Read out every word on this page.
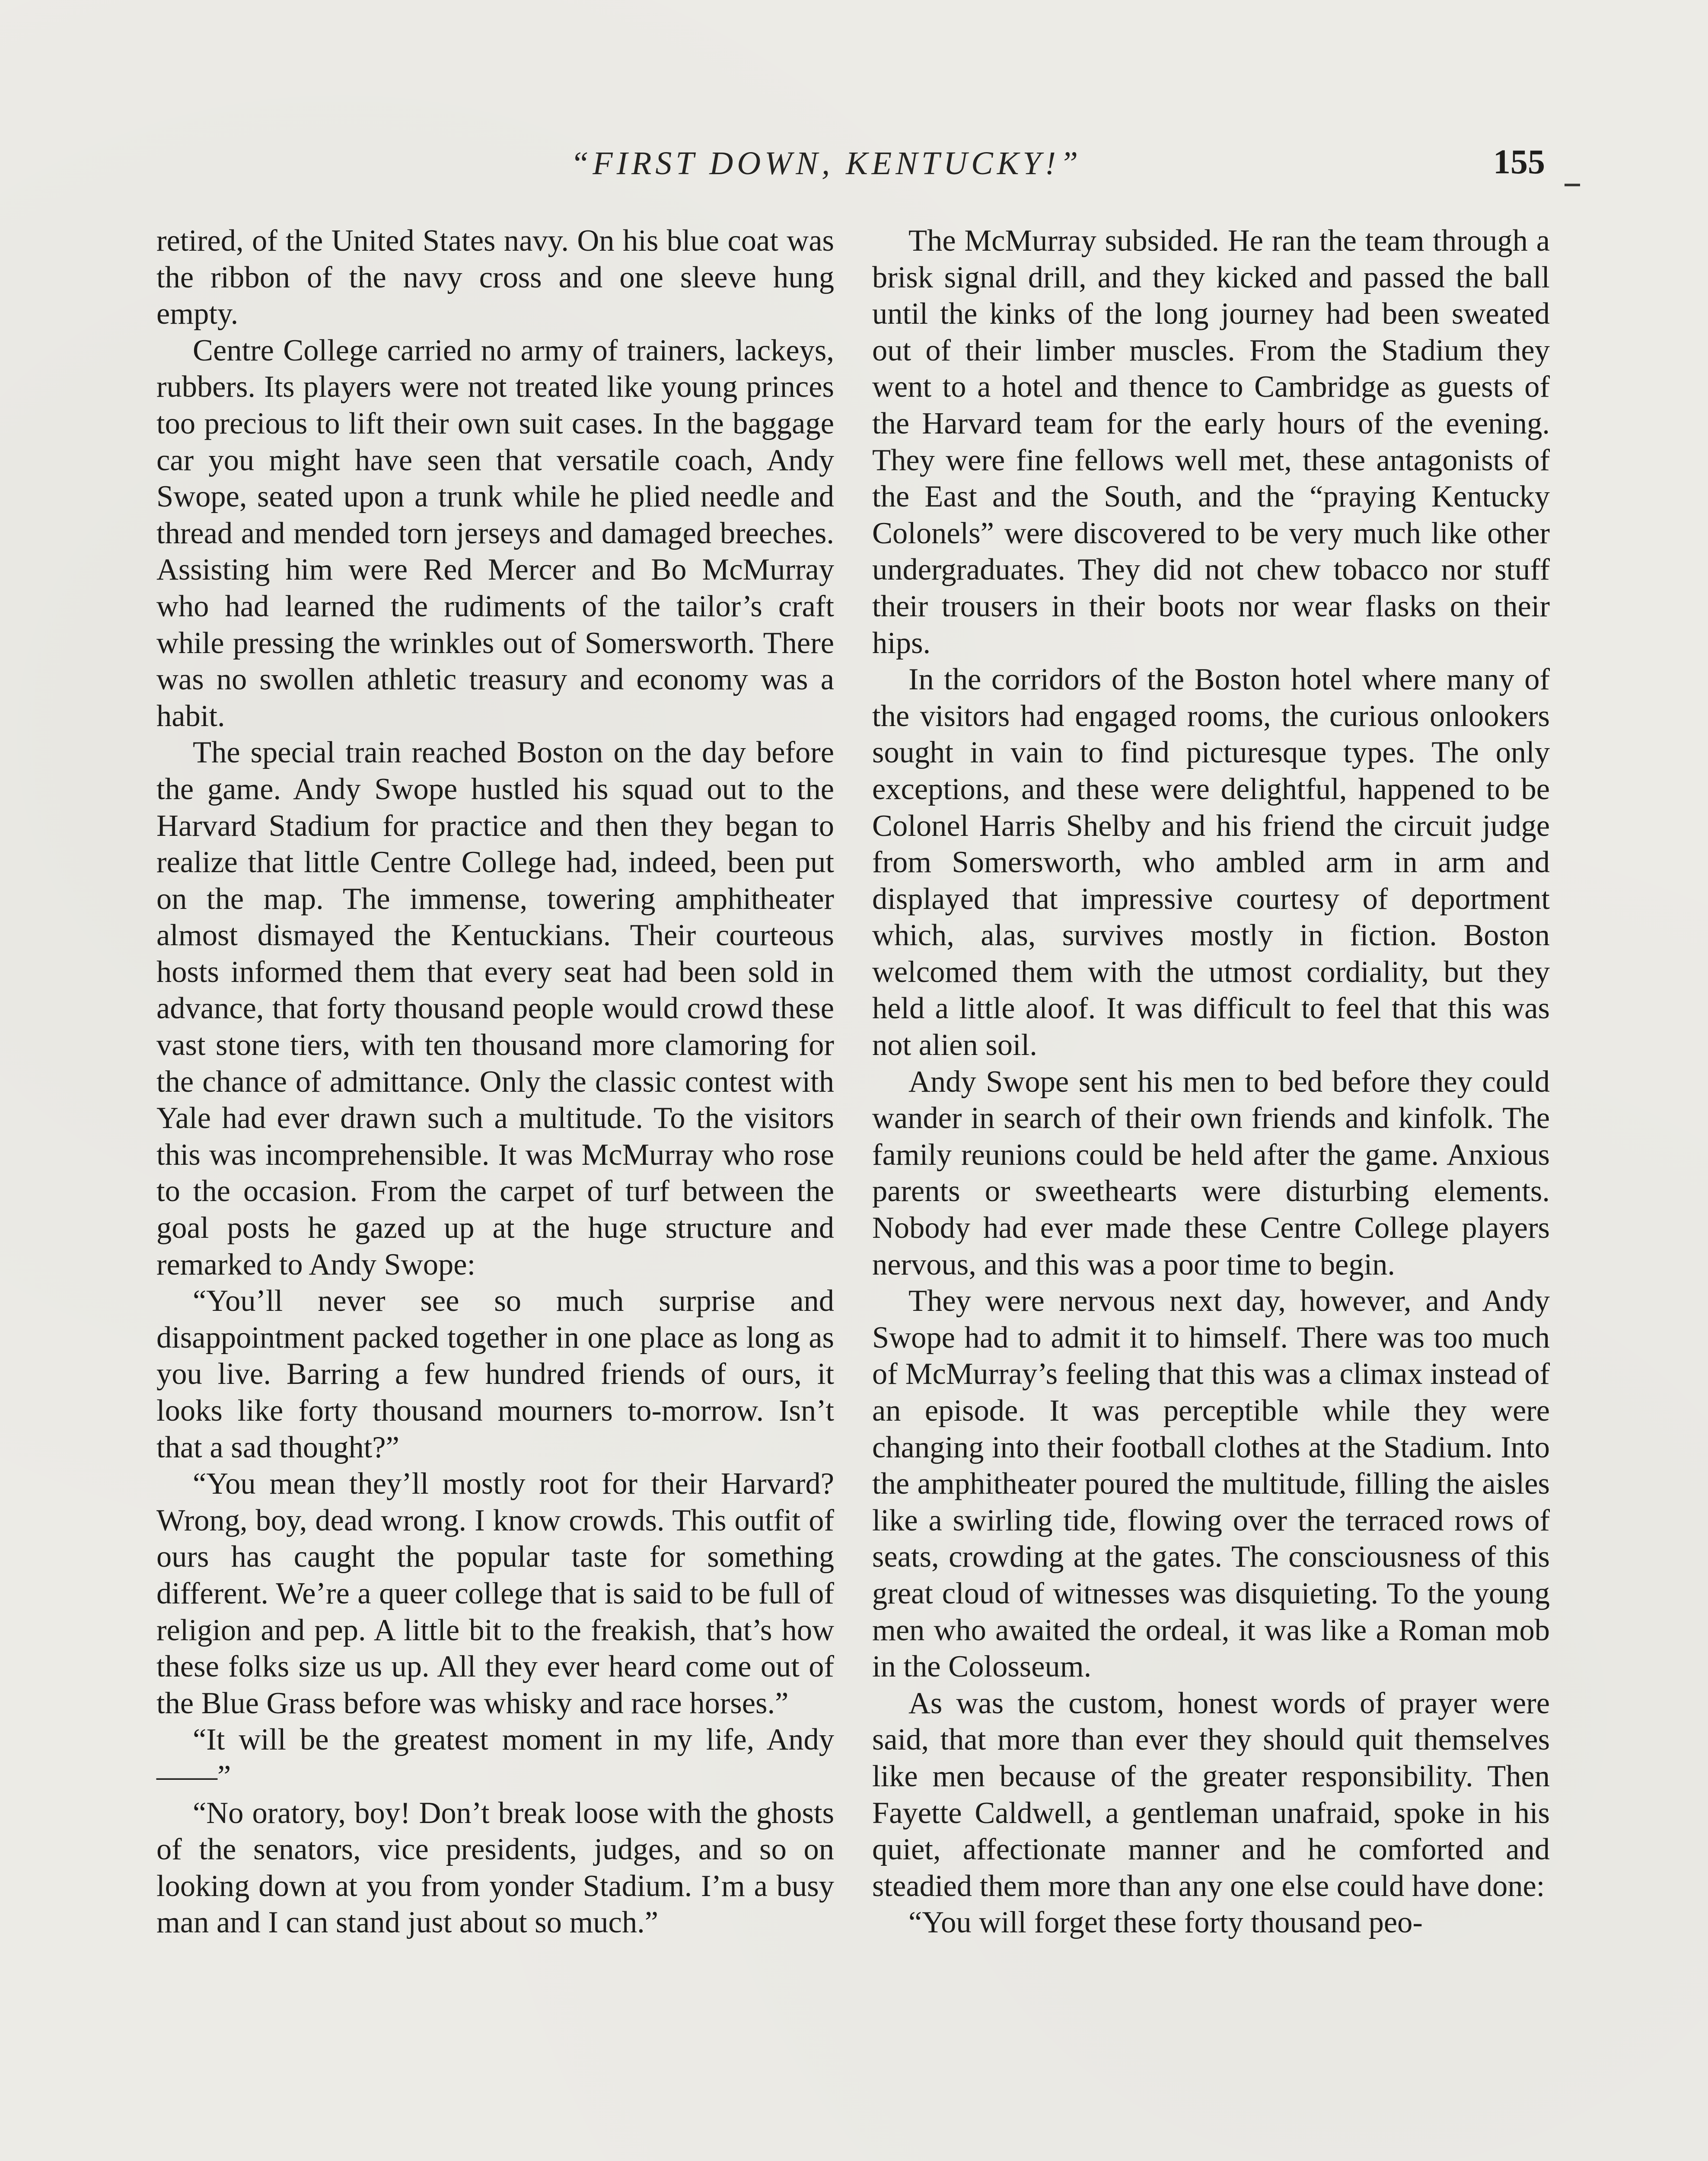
“FIRST DOWN, KENTUCKY!”	155

retired, of the United States navy. On his blue coat was the ribbon of the navy cross and one sleeve hung empty.

Centre College carried no army of trainers, lackeys, rubbers. Its players were not treated like young princes too precious to lift their own suit cases. In the baggage car you might have seen that versatile coach, Andy Swope, seated upon a trunk while he plied needle and thread and mended torn jerseys and damaged breeches. Assisting him were Red Mercer and Bo McMurray who had learned the rudiments of the tailor’s craft while pressing the wrinkles out of Somersworth. There was no swollen athletic treasury and economy was a habit.

The special train reached Boston on the day before the game. Andy Swope hustled his squad out to the Harvard Stadium for practice and then they began to realize that little Centre College had, indeed, been put on the map. The immense, towering amphitheater almost dismayed the Kentuckians. Their courteous hosts informed them that every seat had been sold in advance, that forty thousand people would crowd these vast stone tiers, with ten thousand more clamoring for the chance of admittance. Only the classic contest with Yale had ever drawn such a multitude. To the visitors this was incomprehensible. It was McMurray who rose to the occasion. From the carpet of turf between the goal posts he gazed up at the huge structure and remarked to Andy Swope:

“You’ll never see so much surprise and disappointment packed together in one place as long as you live. Barring a few hundred friends of ours, it looks like forty thousand mourners to-morrow. Isn’t that a sad thought?”

“You mean they’ll mostly root for their Harvard? Wrong, boy, dead wrong. I know crowds. This outfit of ours has caught the popular taste for something different. We’re a queer college that is said to be full of religion and pep. A little bit to the freakish, that’s how these folks size us up. All they ever heard come out of the Blue Grass before was whisky and race horses.”

“It will be the greatest moment in my life, Andy——”

“No oratory, boy! Don’t break loose with the ghosts of the senators, vice presidents, judges, and so on looking down at you from yonder Stadium. I’m a busy man and I can stand just about so much.”

The McMurray subsided. He ran the team through a brisk signal drill, and they kicked and passed the ball until the kinks of the long journey had been sweated out of their limber muscles. From the Stadium they went to a hotel and thence to Cambridge as guests of the Harvard team for the early hours of the evening. They were fine fellows well met, these antagonists of the East and the South, and the “praying Kentucky Colonels” were discovered to be very much like other undergraduates. They did not chew tobacco nor stuff their trousers in their boots nor wear flasks on their hips.

In the corridors of the Boston hotel where many of the visitors had engaged rooms, the curious onlookers sought in vain to find picturesque types. The only exceptions, and these were delightful, happened to be Colonel Harris Shelby and his friend the circuit judge from Somersworth, who ambled arm in arm and displayed that impressive courtesy of deportment which, alas, survives mostly in fiction. Boston welcomed them with the utmost cordiality, but they held a little aloof. It was difficult to feel that this was not alien soil.

Andy Swope sent his men to bed before they could wander in search of their own friends and kinfolk. The family reunions could be held after the game. Anxious parents or sweethearts were disturbing elements. Nobody had ever made these Centre College players nervous, and this was a poor time to begin.

They were nervous next day, however, and Andy Swope had to admit it to himself. There was too much of McMurray’s feeling that this was a climax instead of an episode. It was perceptible while they were changing into their football clothes at the Stadium. Into the amphitheater poured the multitude, filling the aisles like a swirling tide, flowing over the terraced rows of seats, crowding at the gates. The consciousness of this great cloud of witnesses was disquieting. To the young men who awaited the ordeal, it was like a Roman mob in the Colosseum.

As was the custom, honest words of prayer were said, that more than ever they should quit themselves like men because of the greater responsibility. Then Fayette Caldwell, a gentleman unafraid, spoke in his quiet, affectionate manner and he comforted and steadied them more than any one else could have done:

“You will forget these forty thousand peo-
